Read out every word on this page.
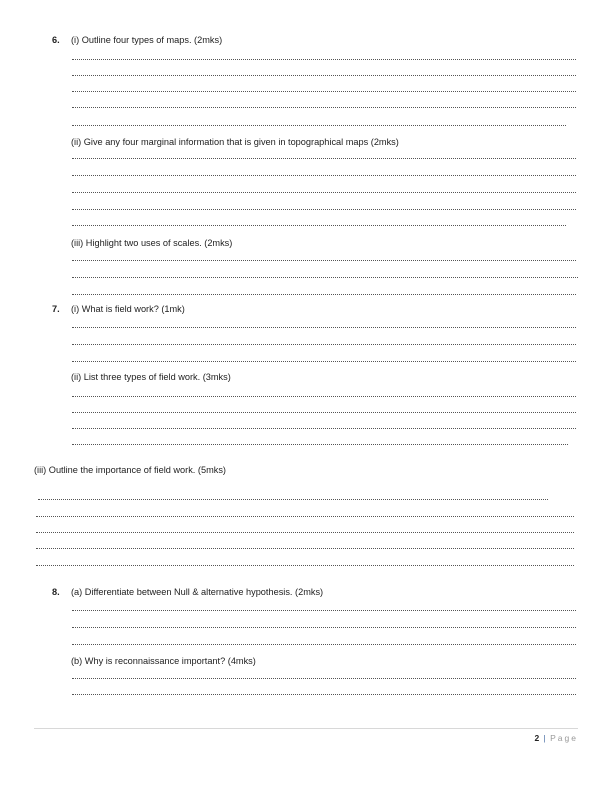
6. (i) Outline four types of maps. (2mks)
(ii) Give any four marginal information that is given in topographical maps (2mks)
(iii) Highlight two uses of scales. (2mks)
7. (i) What is field work? (1mk)
(ii) List three types of field work. (3mks)
(iii) Outline the importance of field work. (5mks)
8. (a) Differentiate between Null & alternative hypothesis. (2mks)
(b) Why is reconnaissance important? (4mks)
2 | Page
